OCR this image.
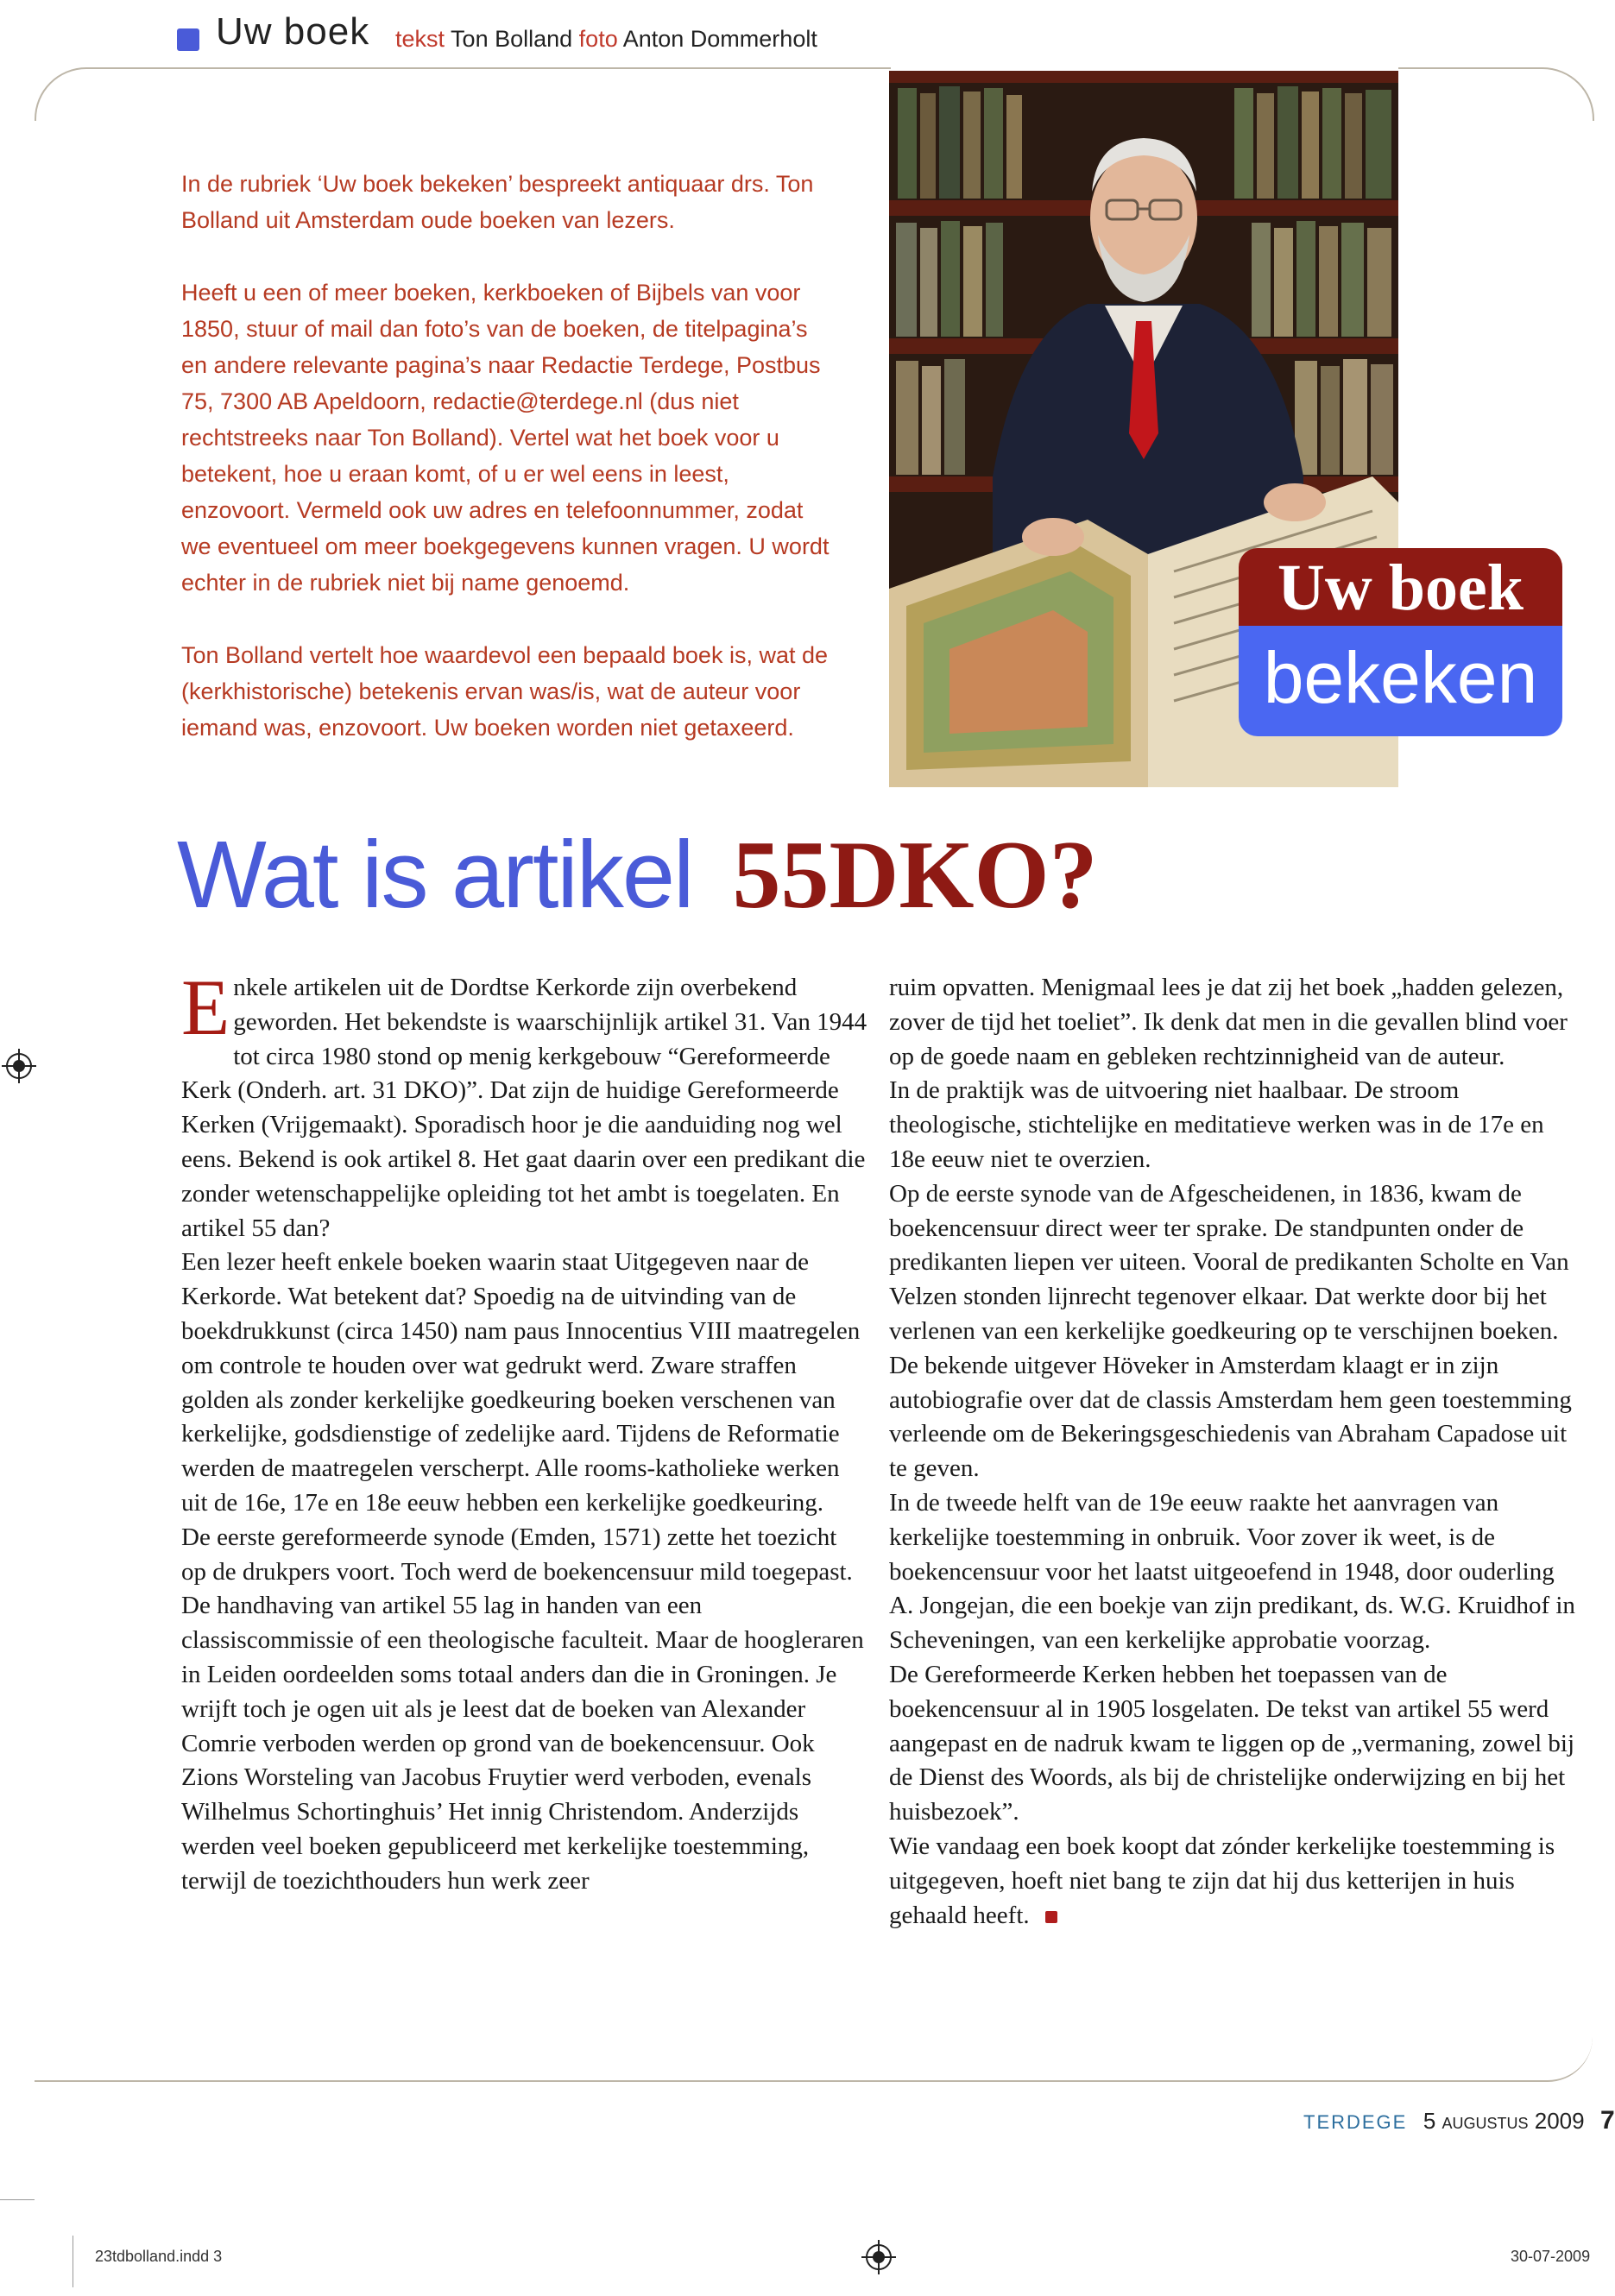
Uw boek tekst Ton Bolland foto Anton Dommerholt

In de rubriek ‘Uw boek bekeken’ bespreekt antiquaar drs. Ton Bolland uit Amsterdam oude boeken van lezers.

Heeft u een of meer boeken, kerkboeken of Bijbels van voor 1850, stuur of mail dan foto’s van de boeken, de titelpagina’s en andere relevante pagina’s naar Redactie Terdege, Postbus 75, 7300 AB Apeldoorn, redactie@terdege.nl (dus niet rechtstreeks naar Ton Bolland). Vertel wat het boek voor u betekent, hoe u eraan komt, of u er wel eens in leest, enzovoort. Vermeld ook uw adres en telefoonnummer, zodat we eventueel om meer boekgegevens kunnen vragen. U wordt echter in de rubriek niet bij name genoemd.

Ton Bolland vertelt hoe waardevol een bepaald boek is, wat de (kerkhistorische) betekenis ervan was/is, wat de auteur voor iemand was, enzovoort. Uw boeken worden niet getaxeerd.

Uw boek
bekeken
Wat is artikel 55DKO?

Enkele artikelen uit de Dordtse Kerkorde zijn overbekend geworden. Het bekendste is waarschijnlijk artikel 31. Van 1944 tot circa 1980 stond op menig kerkgebouw “Gereformeerde Kerk (Onderh. art. 31 DKO)”. Dat zijn de huidige Gereformeerde Kerken (Vrijgemaakt). Sporadisch hoor je die aanduiding nog wel eens. Bekend is ook artikel 8. Het gaat daarin over een predikant die zonder wetenschappelijke opleiding tot het ambt is toegelaten. En artikel 55 dan?

Een lezer heeft enkele boeken waarin staat Uitgegeven naar de Kerkorde. Wat betekent dat? Spoedig na de uitvinding van de boekdrukkunst (circa 1450) nam paus Innocentius VIII maatregelen om controle te houden over wat gedrukt werd. Zware straffen golden als zonder kerkelijke goedkeuring boeken verschenen van kerkelijke, godsdienstige of zedelijke aard. Tijdens de Reformatie werden de maatregelen verscherpt. Alle rooms-katholieke werken uit de 16e, 17e en 18e eeuw hebben een kerkelijke goedkeuring.

De eerste gereformeerde synode (Emden, 1571) zette het toezicht op de drukpers voort. Toch werd de boekencensuur mild toegepast. De handhaving van artikel 55 lag in handen van een classiscommissie of een theologische faculteit. Maar de hoogleraren in Leiden oordeelden soms totaal anders dan die in Groningen. Je wrijft toch je ogen uit als je leest dat de boeken van Alexander Comrie verboden werden op grond van de boekencensuur. Ook Zions Worsteling van Jacobus Fruytier werd verboden, evenals Wilhelmus Schortinghuis’ Het innig Christendom. Anderzijds werden veel boeken gepubliceerd met kerkelijke toestemming, terwijl de toezichthouders hun werk zeer

ruim opvatten. Menigmaal lees je dat zij het boek „hadden gelezen, zover de tijd het toeliet”. Ik denk dat men in die gevallen blind voer op de goede naam en gebleken rechtzinnigheid van de auteur.

In de praktijk was de uitvoering niet haalbaar. De stroom theologische, stichtelijke en meditatieve werken was in de 17e en 18e eeuw niet te overzien.

Op de eerste synode van de Afgescheidenen, in 1836, kwam de boekencensuur direct weer ter sprake. De standpunten onder de predikanten liepen ver uiteen. Vooral de predikanten Scholte en Van Velzen stonden lijnrecht tegenover elkaar. Dat werkte door bij het verlenen van een kerkelijke goedkeuring op te verschijnen boeken. De bekende uitgever Höveker in Amsterdam klaagt er in zijn autobiografie over dat de classis Amsterdam hem geen toestemming verleende om de Bekeringsgeschiedenis van Abraham Capadose uit te geven.

In de tweede helft van de 19e eeuw raakte het aanvragen van kerkelijke toestemming in onbruik. Voor zover ik weet, is de boekencensuur voor het laatst uitgeoefend in 1948, door ouderling A. Jongejan, die een boekje van zijn predikant, ds. W.G. Kruidhof in Scheveningen, van een kerkelijke approbatie voorzag.

De Gereformeerde Kerken hebben het toepassen van de boekencensuur al in 1905 losgelaten. De tekst van artikel 55 werd aangepast en de nadruk kwam te liggen op de „vermaning, zowel bij de Dienst des Woords, als bij de christelijke onderwijzing en bij het huisbezoek”.

Wie vandaag een boek koopt dat zónder kerkelijke toestemming is uitgegeven, hoeft niet bang te zijn dat hij dus ketterijen in huis gehaald heeft.

TERDEGE 5 augustus 2009 7
23tdbolland.indd 3	30-07-2009
